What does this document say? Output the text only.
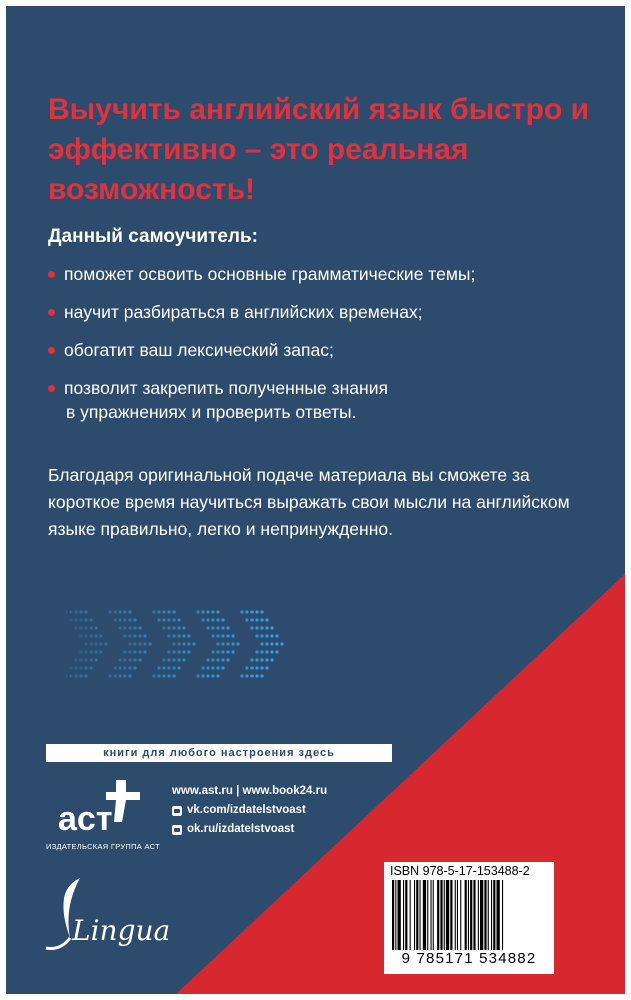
Выучить английский язык быстро и эффективно – это реальная возможность!

Данный самоучитель:

поможет освоить основные грамматические темы;
научит разбираться в английских временах;
обогатит ваш лексический запас;
позволит закрепить полученные знания
в упражнениях и проверить ответы.

Благодаря оригинальной подаче материала вы сможете за короткое время научиться выражать свои мысли на английском языке правильно, легко и непринужденно.

книги для любого настроения здесь
аст
ИЗДАТЕЛЬСКАЯ ГРУППА АСТ
www.ast.ru | www.book24.ru
vk.com/izdatelstvoast
ok.ru/izdatelstvoast
Lingua
ISBN 978-5-17-153488-2
9 785171 534882
